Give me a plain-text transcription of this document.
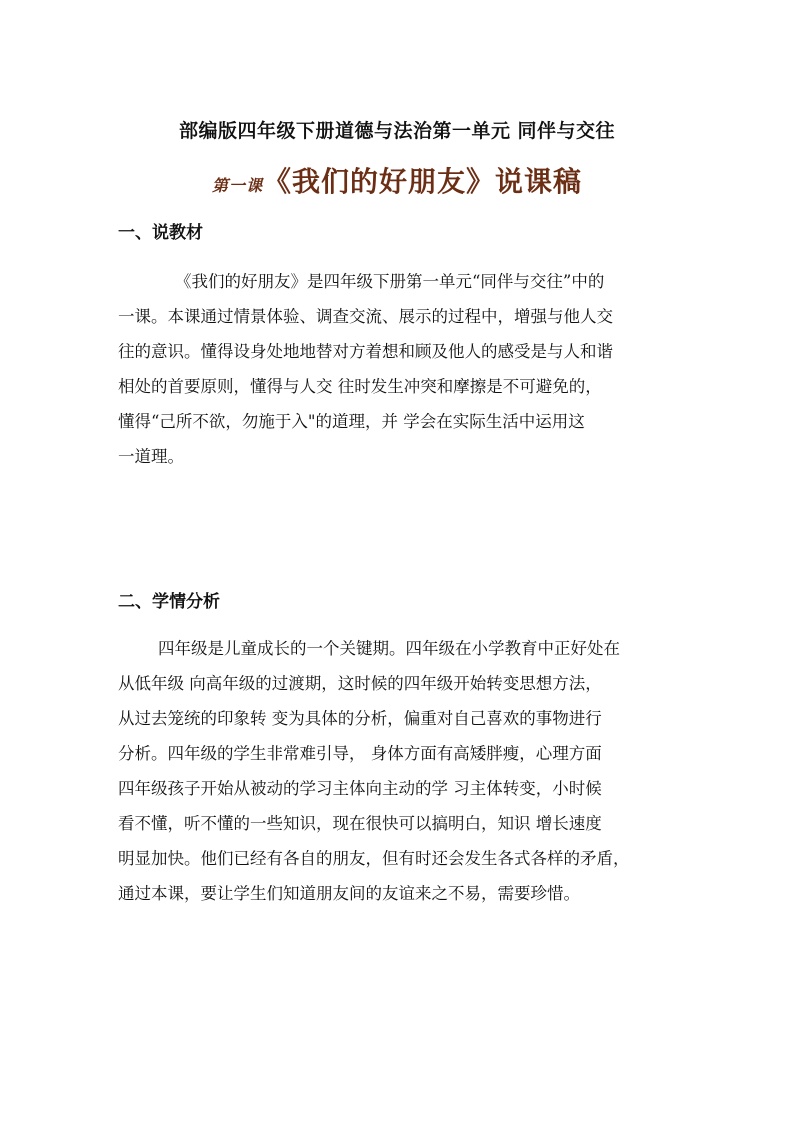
部编版四年级下册道德与法治第一单元 同伴与交往
第一课《我们的好朋友》说课稿
一、说教材
《我们的好朋友》是四年级下册第一单元“同伴与交往”中的
一课。本课通过情景体验、调查交流、展示的过程中，增强与他人交
往的意识。懂得设身处地地替对方着想和顾及他人的感受是与人和谐
相处的首要原则，懂得与人交 往时发生冲突和摩擦是不可避免的，
懂得“己所不欲，勿施于入"的道理，并 学会在实际生活中运用这
一道理。
二、学情分析
四年级是儿童成长的一个关键期。四年级在小学教育中正好处在
从低年级 向高年级的过渡期，这时候的四年级开始转变思想方法，
从过去笼统的印象转 变为具体的分析，偏重对自己喜欢的事物进行
分析。四年级的学生非常难引导， 身体方面有高矮胖瘦，心理方面
四年级孩子开始从被动的学习主体向主动的学 习主体转变，小时候
看不懂，听不懂的一些知识，现在很快可以搞明白，知识 增长速度
明显加快。他们已经有各自的朋友，但有时还会发生各式各样的矛盾，
通过本课，要让学生们知道朋友间的友谊来之不易，需要珍惜。
